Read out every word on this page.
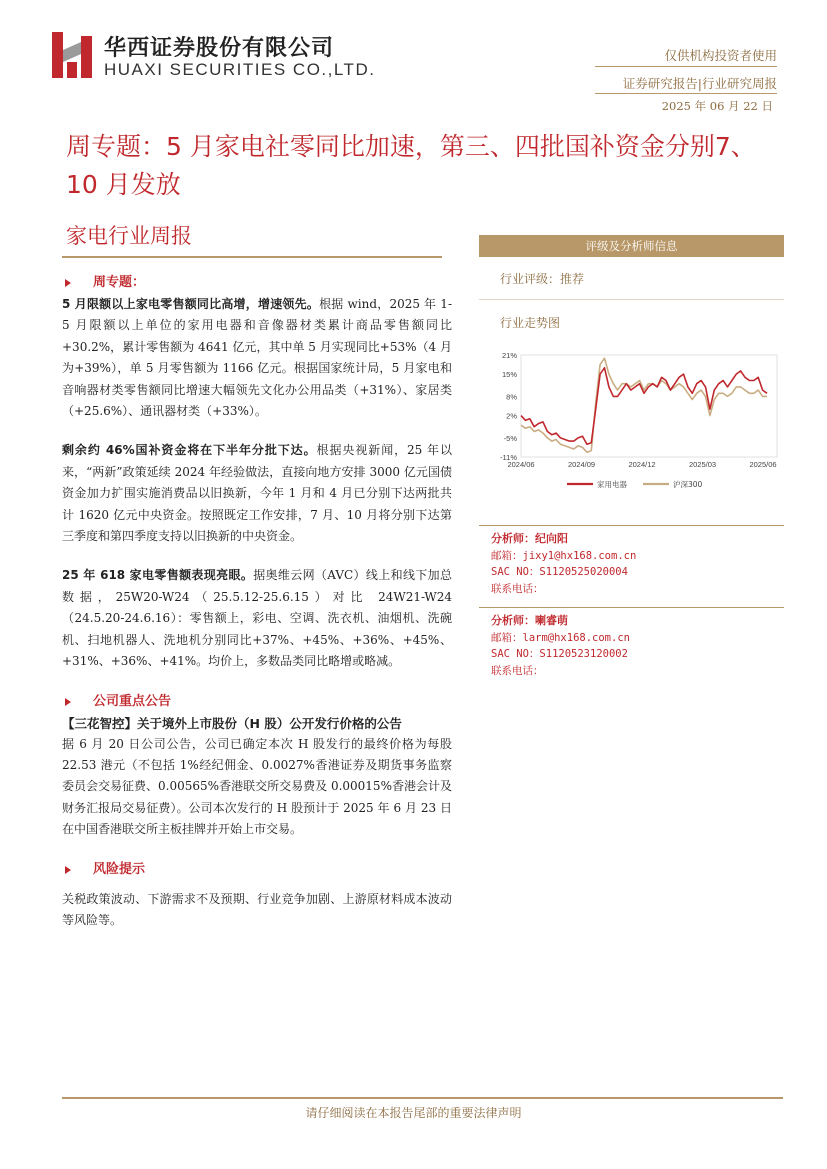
华西证券股份有限公司
HUAXI SECURITIES CO.,LTD.
仅供机构投资者使用
证券研究报告|行业研究周报
2025 年 06 月 22 日
周专题：5 月家电社零同比加速，第三、四批国补资金分别7、10 月发放
家电行业周报
周专题：

5 月限额以上家电零售额同比高增，增速领先。根据 wind，2025 年 1-5 月限额以上单位的家用电器和音像器材类累计商品零售额同比+30.2%，累计零售额为 4641 亿元，其中单 5 月实现同比+53%（4 月为+39%），单 5 月零售额为 1166 亿元。根据国家统计局，5 月家电和音响器材类零售额同比增速大幅领先文化办公用品类（+31%）、家居类（+25.6%）、通讯器材类（+33%）。

剩余约 46%国补资金将在下半年分批下达。根据央视新闻，25 年以来，“两新”政策延续 2024 年经验做法，直接向地方安排 3000 亿元国债资金加力扩围实施消费品以旧换新，今年 1 月和 4 月已分别下达两批共计 1620 亿元中央资金。按照既定工作安排，7 月、10 月将分别下达第三季度和第四季度支持以旧换新的中央资金。

25 年 618 家电零售额表现亮眼。据奥维云网（AVC）线上和线下加总数据，25W20-W24（25.5.12-25.6.15）对比 24W21-W24（24.5.20-24.6.16）：零售额上，彩电、空调、洗衣机、油烟机、洗碗机、扫地机器人、洗地机分别同比+37%、+45%、+36%、+45%、+31%、+36%、+41%。均价上，多数品类同比略增或略减。

公司重点公告
【三花智控】关于境外上市股份（H 股）公开发行价格的公告

据 6 月 20 日公司公告，公司已确定本次 H 股发行的最终价格为每股 22.53 港元（不包括 1%经纪佣金、0.0027%香港证券及期货事务监察委员会交易征费、0.00565%香港联交所交易费及 0.00015%香港会计及财务汇报局交易征费）。公司本次发行的 H 股预计于 2025 年 6 月 23 日在中国香港联交所主板挂牌并开始上市交易。

风险提示

关税政策波动、下游需求不及预期、行业竞争加剧、上游原材料成本波动等风险等。

评级及分析师信息
行业评级：推荐
行业走势图
21%
15%
8%
2%
-5%
-11%
2024/06	2024/09	2024/12	2025/03	2025/06
家用电器	沪深300
分析师：纪向阳
邮箱：jixy1@hx168.com.cn
SAC NO：S1120525020004
联系电话：
分析师：喇睿萌
邮箱：larm@hx168.com.cn
SAC NO：S1120523120002
联系电话：
请仔细阅读在本报告尾部的重要法律声明
